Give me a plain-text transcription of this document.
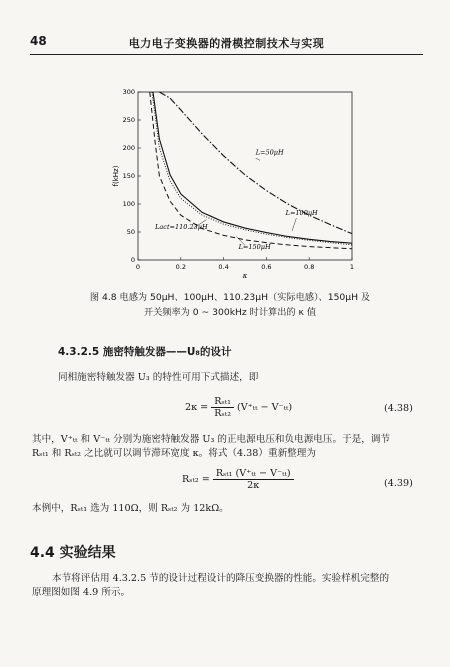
48	电力电子变换器的滑模控制技术与实现
0	0.2	0.4	0.6	0.8	1
0
50
100
150
200
250
300
κ
f(kHz)
L=50μH
L=100μH
Lact=110.23μH
L=150μH
图 4.8 电感为 50μH、100μH、110.23μH（实际电感）、150μH 及
开关频率为 0 ~ 300kHz 时计算出的 κ 值
4.3.2.5 施密特触发器——U₈的设计
同相施密特触发器 U₃ 的特性可用下式描述，即
$2\kappa = \frac{\text{Rₛₜ₁}}{\text{Rₛₜ₂}} (V^+_{tt} - V^-_{tt})$	(4.38)
其中，V⁺ₜₜ 和 V⁻ₜₜ 分别为施密特触发器 U₃ 的正电源电压和负电源电压。于是，调节
Rₛₜ₁ 和 Rₛₜ₂ 之比就可以调节滞环宽度 κ。将式（4.38）重新整理为
$R_{st2} = \frac{\text{Rₛₜ₁ (V⁺ₜₜ − V⁻ₜₜ)}}{2\kappa}$	(4.39)
本例中，Rₛₜ₁ 选为 110Ω，则 Rₛₜ₂ 为 12kΩ。
4.4 实验结果
本节将评估用 4.3.2.5 节的设计过程设计的降压变换器的性能。实验样机完整的
原理图如图 4.9 所示。
